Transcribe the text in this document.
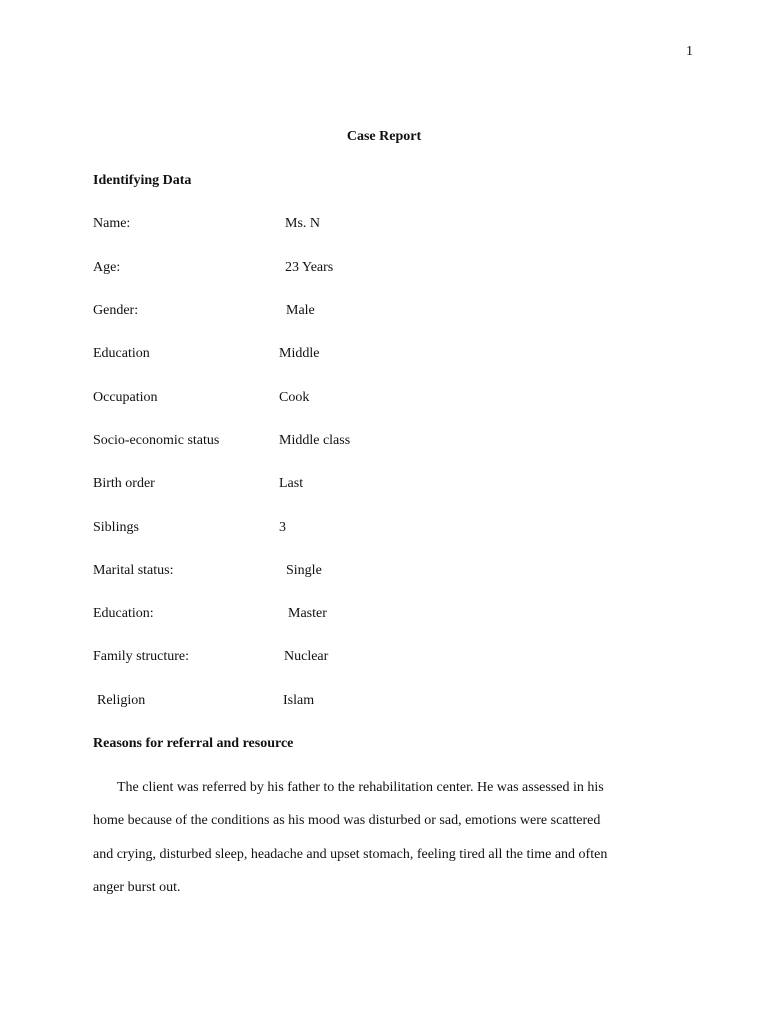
1
Case Report
Identifying Data
Name:	Ms. N
Age:	23 Years
Gender:	Male
Education	Middle
Occupation	Cook
Socio-economic status	Middle class
Birth order	Last
Siblings	3
Marital status:	Single
Education:	Master
Family structure:	Nuclear
Religion	Islam
Reasons for referral and resource
The client was referred by his father to the rehabilitation center. He was assessed in his
home because of the conditions as his mood was disturbed or sad, emotions were scattered
and crying, disturbed sleep, headache and upset stomach, feeling tired all the time and often
anger burst out.
